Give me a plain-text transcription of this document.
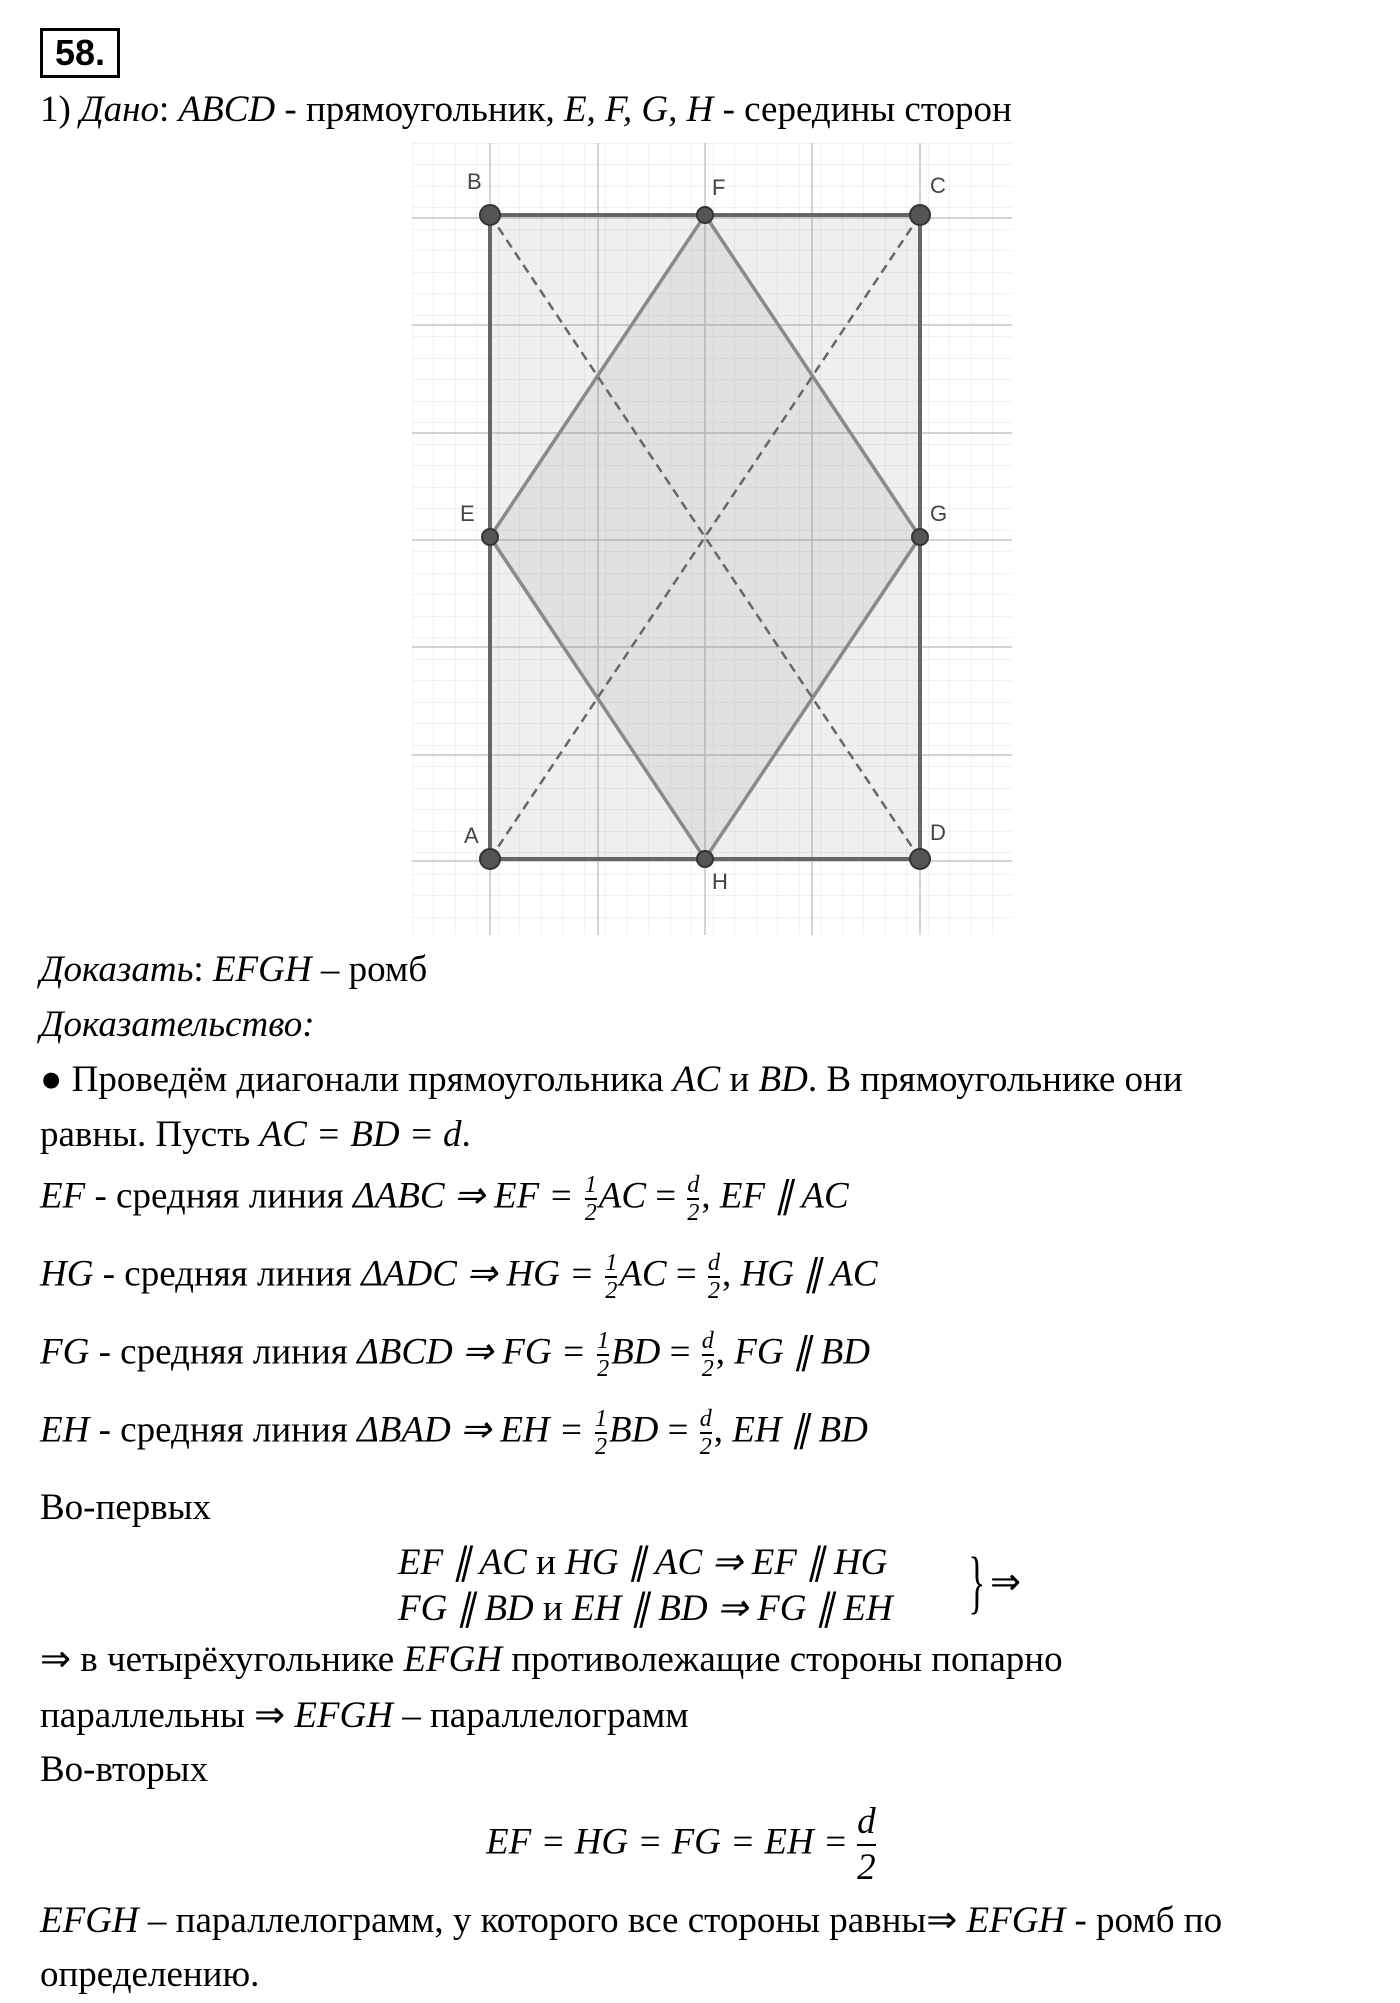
58.
1) Дано: ABCD - прямоугольник, E, F, G, H - середины сторон
B	F	C
E	G
A	D
H
Доказать: EFGH – ромб
Доказательство:
● Проведём диагонали прямоугольника AC и BD. В прямоугольнике они
равны. Пусть AC = BD = d.
EF - средняя линия ΔABC ⇒ EF = $\frac{1}{2}$ AC = $\frac{d}{2}$ , EF ∥ AC
HG - средняя линия ΔADC ⇒ HG = $\frac{1}{2}$ AC = $\frac{d}{2}$ , HG ∥ AC
FG - средняя линия ΔBCD ⇒ FG = $\frac{1}{2}$ BD = $\frac{d}{2}$ , FG ∥ BD
EH - средняя линия ΔBAD ⇒ EH = $\frac{1}{2}$ BD = $\frac{d}{2}$ , EH ∥ BD
Во-первых
EF ∥ AC и HG ∥ AC ⇒ EF ∥ HG
FG ∥ BD и EH ∥ BD ⇒ FG ∥ EH } ⇒
⇒ в четырёхугольнике EFGH противолежащие стороны попарно
параллельны ⇒ EFGH – параллелограмм
Во-вторых
EF = HG = FG = EH = $\frac{d}{2}$
EFGH – параллелограмм, у которого все стороны равны⇒ EFGH - ромб по
определению.
